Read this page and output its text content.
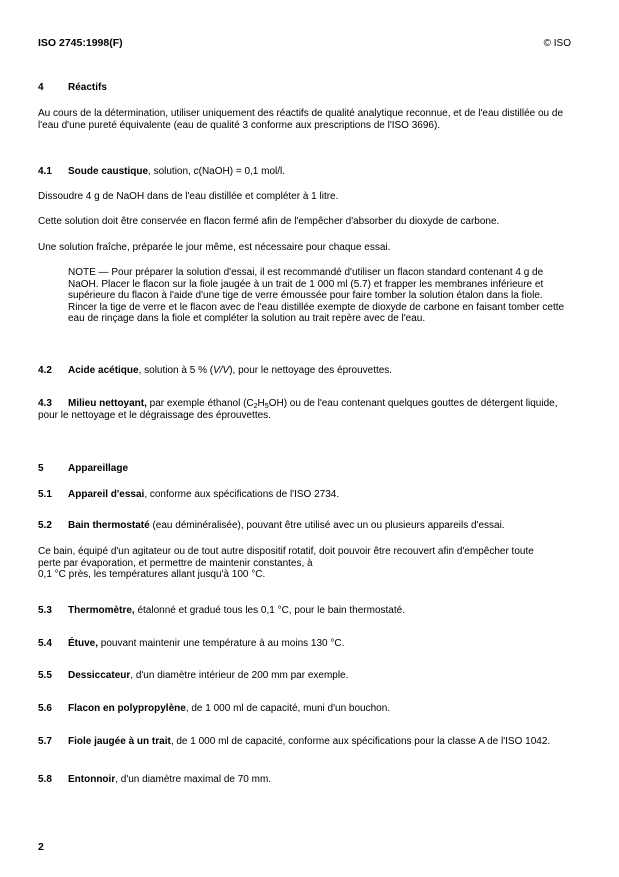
ISO 2745:1998(F)	© ISO
4 Réactifs
Au cours de la détermination, utiliser uniquement des réactifs de qualité analytique reconnue, et de l'eau distillée ou de l'eau d'une pureté équivalente (eau de qualité 3 conforme aux prescriptions de l'ISO 3696).
4.1 Soude caustique, solution, c(NaOH) = 0,1 mol/l.
Dissoudre 4 g de NaOH dans de l'eau distillée et compléter à 1 litre.
Cette solution doit être conservée en flacon fermé afin de l'empêcher d'absorber du dioxyde de carbone.
Une solution fraîche, préparée le jour même, est nécessaire pour chaque essai.
NOTE — Pour préparer la solution d'essai, il est recommandé d'utiliser un flacon standard contenant 4 g de NaOH. Placer le flacon sur la fiole jaugée à un trait de 1 000 ml (5.7) et frapper les membranes inférieure et supérieure du flacon à l'aide d'une tige de verre émoussée pour faire tomber la solution étalon dans la fiole. Rincer la tige de verre et le flacon avec de l'eau distillée exempte de dioxyde de carbone en faisant tomber cette eau de rinçage dans la fiole et compléter la solution au trait repère avec de l'eau.
4.2 Acide acétique, solution à 5 % (V/V), pour le nettoyage des éprouvettes.
4.3 Milieu nettoyant, par exemple éthanol $(C_2H_5OH)$ ou de l'eau contenant quelques gouttes de détergent liquide, pour le nettoyage et le dégraissage des éprouvettes.
5 Appareillage
5.1 Appareil d'essai, conforme aux spécifications de l'ISO 2734.
5.2 Bain thermostaté (eau déminéralisée), pouvant être utilisé avec un ou plusieurs appareils d'essai.
Ce bain, équipé d'un agitateur ou de tout autre dispositif rotatif, doit pouvoir être recouvert afin d'empêcher toute perte par évaporation, et permettre de maintenir constantes, à
0,1 °C près, les températures allant jusqu'à 100 °C.
5.3 Thermomètre, étalonné et gradué tous les 0,1 °C, pour le bain thermostaté.
5.4 Étuve, pouvant maintenir une température à au moins 130 °C.
5.5 Dessiccateur, d'un diamètre intérieur de 200 mm par exemple.
5.6 Flacon en polypropylène, de 1 000 ml de capacité, muni d'un bouchon.
5.7 Fiole jaugée à un trait, de 1 000 ml de capacité, conforme aux spécifications pour la classe A de l'ISO 1042.
5.8 Entonnoir, d'un diamètre maximal de 70 mm.
2
